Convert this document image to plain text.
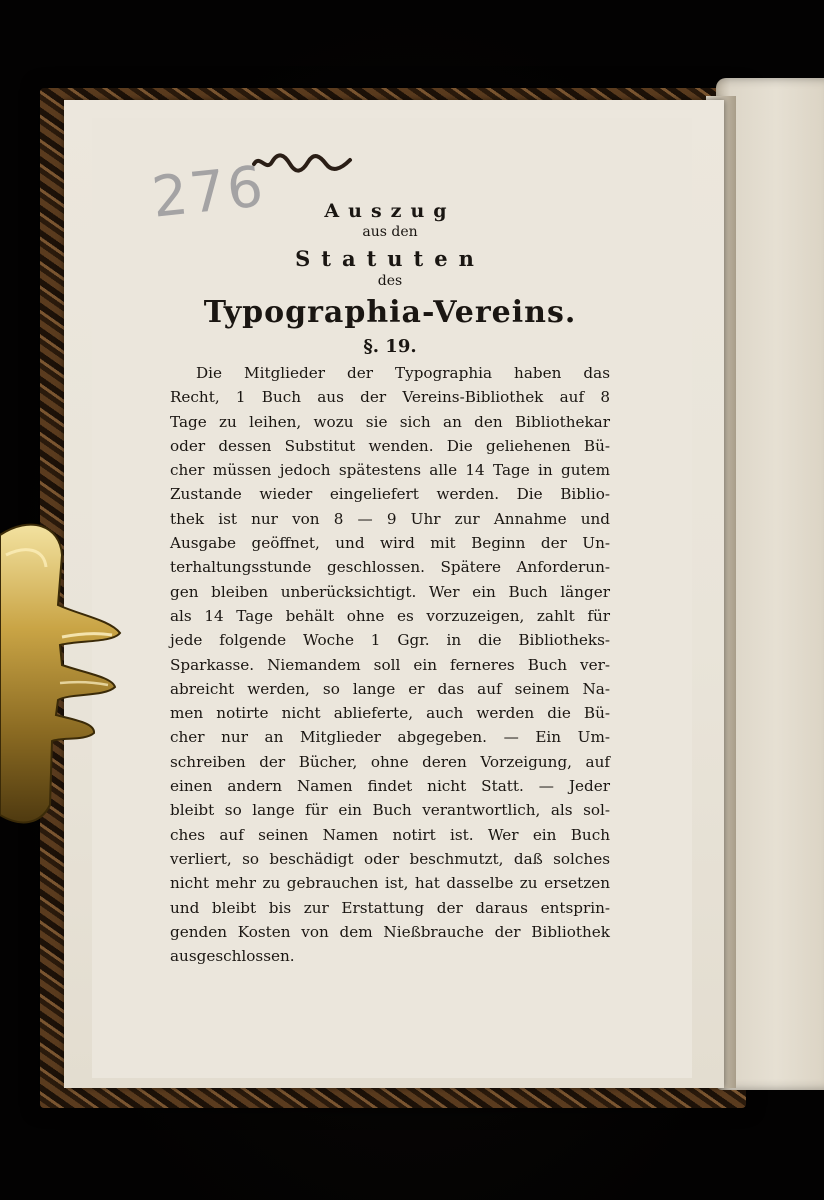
276	Auszug

aus den

Statuten

des

Typographia-Vereins.

§. 19.

Die Mitglieder der Typographia haben das
Recht, 1 Buch aus der Vereins-Bibliothek auf 8
Tage zu leihen, wozu sie sich an den Bibliothekar
oder dessen Substitut wenden. Die geliehenen Bü-
cher müssen jedoch spätestens alle 14 Tage in gutem
Zustande wieder eingeliefert werden. Die Biblio-
thek ist nur von 8 — 9 Uhr zur Annahme und
Ausgabe geöffnet, und wird mit Beginn der Un-
terhaltungsstunde geschlossen. Spätere Anforderun-
gen bleiben unberücksichtigt. Wer ein Buch länger
als 14 Tage behält ohne es vorzuzeigen, zahlt für
jede folgende Woche 1 Ggr. in die Bibliotheks-
Sparkasse. Niemandem soll ein ferneres Buch ver-
abreicht werden, so lange er das auf seinem Na-
men notirte nicht ablieferte, auch werden die Bü-
cher nur an Mitglieder abgegeben. — Ein Um-
schreiben der Bücher, ohne deren Vorzeigung, auf
einen andern Namen findet nicht Statt. — Jeder
bleibt so lange für ein Buch verantwortlich, als sol-
ches auf seinen Namen notirt ist. Wer ein Buch
verliert, so beschädigt oder beschmutzt, daß solches
nicht mehr zu gebrauchen ist, hat dasselbe zu ersetzen
und bleibt bis zur Erstattung der daraus entsprin-
genden Kosten von dem Nießbrauche der Bibliothek
ausgeschlossen.
